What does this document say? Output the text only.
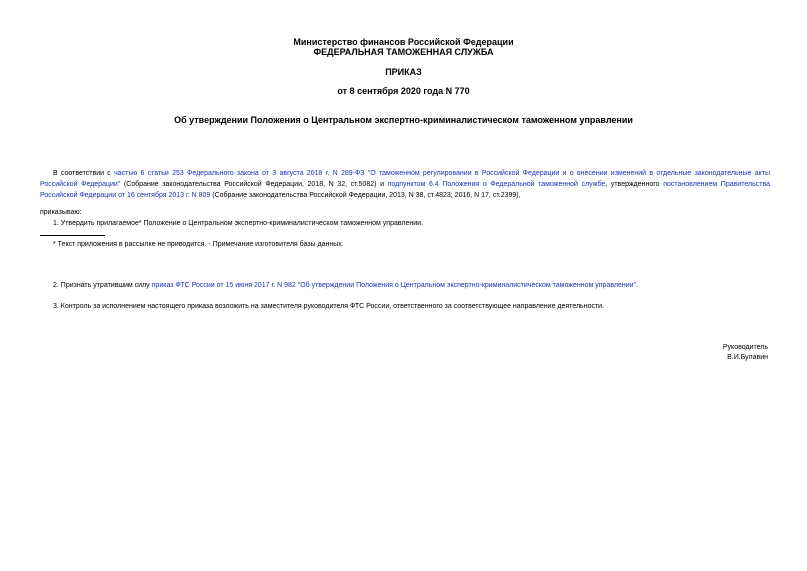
Министерство финансов Российской Федерации
ФЕДЕРАЛЬНАЯ ТАМОЖЕННАЯ СЛУЖБА
ПРИКАЗ
от 8 сентября 2020 года N 770
Об утверждении Положения о Центральном экспертно-криминалистическом таможенном управлении
В соответствии с частью 6 статьи 253 Федерального закона от 3 августа 2018 г. N 289-ФЗ "О таможенном регулировании в Российской Федерации и о внесении изменений в отдельные законодательные акты Российской Федерации" (Собрание законодательства Российской Федерации, 2018, N 32, ст.5082) и подпунктом 6.4 Положения о Федеральной таможенной службе, утвержденного постановлением Правительства Российской Федерации от 16 сентября 2013 г. N 809 (Собрание законодательства Российской Федерации, 2013, N 38, ст.4823; 2016, N 17, ст.2399),
приказываю:
1. Утвердить прилагаемое* Положение о Центральном экспертно-криминалистическом таможенном управлении.
* Текст приложения в рассылке не приводится. - Примечание изготовителя базы данных.
2. Признать утратившим силу приказ ФТС России от 15 июня 2017 г. N 982 "Об утверждении Положения о Центральном экспертно-криминалистическом таможенном управлении".
3. Контроль за исполнением настоящего приказа возложить на заместителя руководителя ФТС России, ответственного за соответствующее направление деятельности.
Руководитель
В.И.Булавин
